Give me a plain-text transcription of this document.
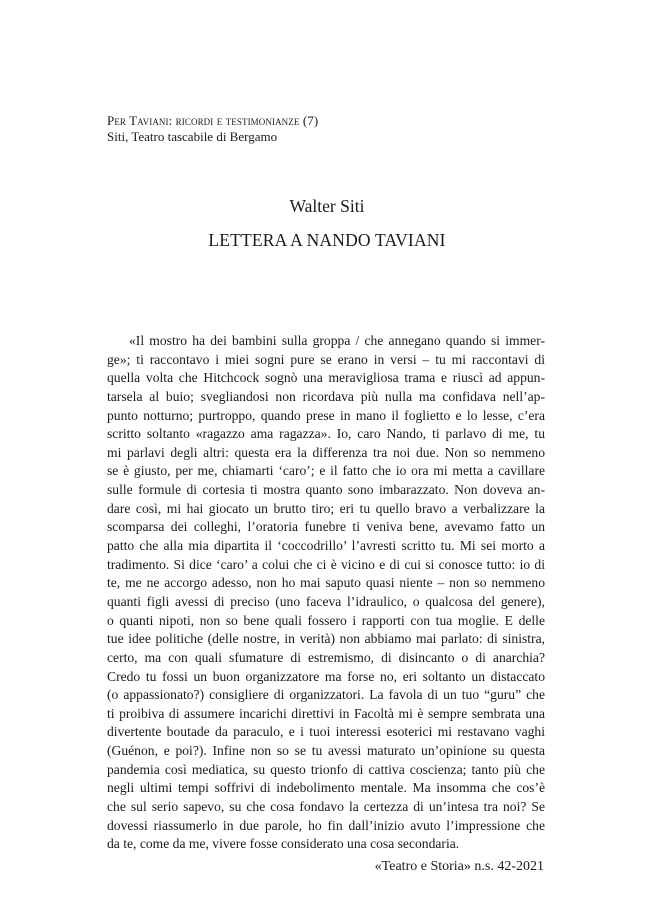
Per Taviani: ricordi e testimonianze (7)
Siti, Teatro tascabile di Bergamo
Walter Siti
LETTERA A NANDO TAVIANI
«Il mostro ha dei bambini sulla groppa / che annegano quando si immer-
ge»; ti raccontavo i miei sogni pure se erano in versi – tu mi raccontavi di
quella volta che Hitchcock sognò una meravigliosa trama e riuscì ad appun-
tarsela al buio; svegliandosi non ricordava più nulla ma confidava nell’ap-
punto notturno; purtroppo, quando prese in mano il foglietto e lo lesse, c’era
scritto soltanto «ragazzo ama ragazza». Io, caro Nando, ti parlavo di me, tu
mi parlavi degli altri: questa era la differenza tra noi due. Non so nemmeno
se è giusto, per me, chiamarti ‘caro’; e il fatto che io ora mi metta a cavillare
sulle formule di cortesia ti mostra quanto sono imbarazzato. Non doveva an-
dare così, mi hai giocato un brutto tiro; eri tu quello bravo a verbalizzare la
scomparsa dei colleghi, l’oratoria funebre ti veniva bene, avevamo fatto un
patto che alla mia dipartita il ‘coccodrillo’ l’avresti scritto tu. Mi sei morto a
tradimento. Si dice ‘caro’ a colui che ci è vicino e di cui si conosce tutto: io di
te, me ne accorgo adesso, non ho mai saputo quasi niente – non so nemmeno
quanti figli avessi di preciso (uno faceva l’idraulico, o qualcosa del genere),
o quanti nipoti, non so bene quali fossero i rapporti con tua moglie. E delle
tue idee politiche (delle nostre, in verità) non abbiamo mai parlato: di sinistra,
certo, ma con quali sfumature di estremismo, di disincanto o di anarchia?
Credo tu fossi un buon organizzatore ma forse no, eri soltanto un distaccato
(o appassionato?) consigliere di organizzatori. La favola di un tuo “guru” che
ti proibiva di assumere incarichi direttivi in Facoltà mi è sempre sembrata una
divertente boutade da paraculo, e i tuoi interessi esoterici mi restavano vaghi
(Guénon, e poi?). Infine non so se tu avessi maturato un’opinione su questa
pandemia così mediatica, su questo trionfo di cattiva coscienza; tanto più che
negli ultimi tempi soffrivi di indebolimento mentale. Ma insomma che cos’è
che sul serio sapevo, su che cosa fondavo la certezza di un’intesa tra noi? Se
dovessi riassumerlo in due parole, ho fin dall’inizio avuto l’impressione che
da te, come da me, vivere fosse considerato una cosa secondaria.
«Teatro e Storia» n.s. 42-2021
